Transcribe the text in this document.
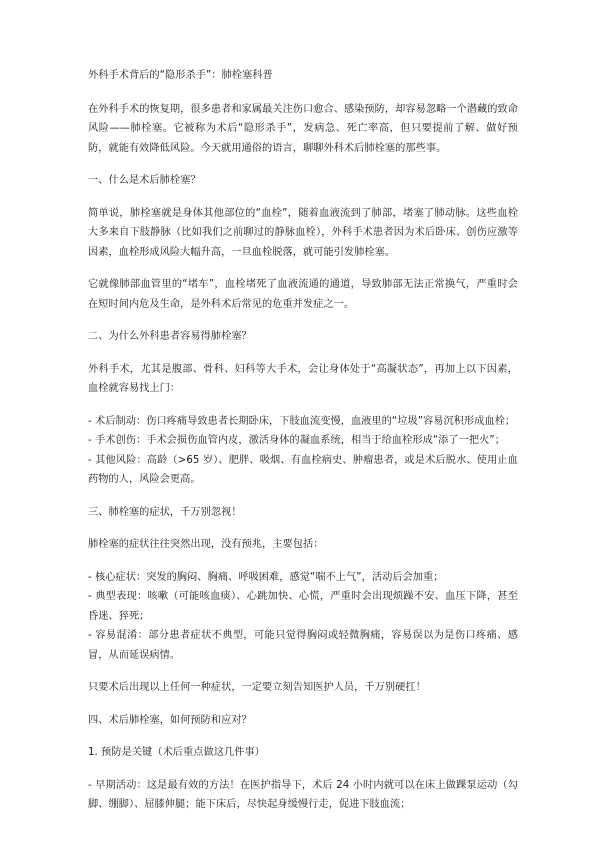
外科手术背后的“隐形杀手”：肺栓塞科普

在外科手术的恢复期，很多患者和家属最关注伤口愈合、感染预防，却容易忽略一个潜藏的致命风险——肺栓塞。它被称为术后“隐形杀手”，发病急、死亡率高，但只要提前了解、做好预防，就能有效降低风险。今天就用通俗的语言，聊聊外科术后肺栓塞的那些事。

一、什么是术后肺栓塞？

简单说，肺栓塞就是身体其他部位的“血栓”，随着血液流到了肺部，堵塞了肺动脉。这些血栓大多来自下肢静脉（比如我们之前聊过的静脉血栓），外科手术患者因为术后卧床、创伤应激等因素，血栓形成风险大幅升高，一旦血栓脱落，就可能引发肺栓塞。

它就像肺部血管里的“堵车”，血栓堵死了血液流通的通道，导致肺部无法正常换气，严重时会在短时间内危及生命，是外科术后常见的危重并发症之一。

二、为什么外科患者容易得肺栓塞？

外科手术，尤其是腹部、骨科、妇科等大手术，会让身体处于“高凝状态”，再加上以下因素，血栓就容易找上门：

- 术后制动：伤口疼痛导致患者长期卧床，下肢血流变慢，血液里的“垃圾”容易沉积形成血栓；
- 手术创伤：手术会损伤血管内皮，激活身体的凝血系统，相当于给血栓形成“添了一把火”；
- 其他风险：高龄（>65 岁）、肥胖、吸烟、有血栓病史、肿瘤患者，或是术后脱水、使用止血药物的人，风险会更高。

三、肺栓塞的症状，千万别忽视！

肺栓塞的症状往往突然出现，没有预兆，主要包括：

- 核心症状：突发的胸闷、胸痛、呼吸困难，感觉“喘不上气”，活动后会加重；
- 典型表现：咳嗽（可能咳血痰）、心跳加快、心慌，严重时会出现烦躁不安、血压下降，甚至昏迷、猝死；
- 容易混淆：部分患者症状不典型，可能只觉得胸闷或轻微胸痛，容易误以为是伤口疼痛、感冒，从而延误病情。

只要术后出现以上任何一种症状，一定要立刻告知医护人员，千万别硬扛！

四、术后肺栓塞，如何预防和应对？

1. 预防是关键（术后重点做这几件事）

- 早期活动：这是最有效的方法！在医护指导下，术后 24 小时内就可以在床上做踝泵运动（勾脚、绷脚）、屈膝伸腿；能下床后，尽快起身缓慢行走，促进下肢血流；
